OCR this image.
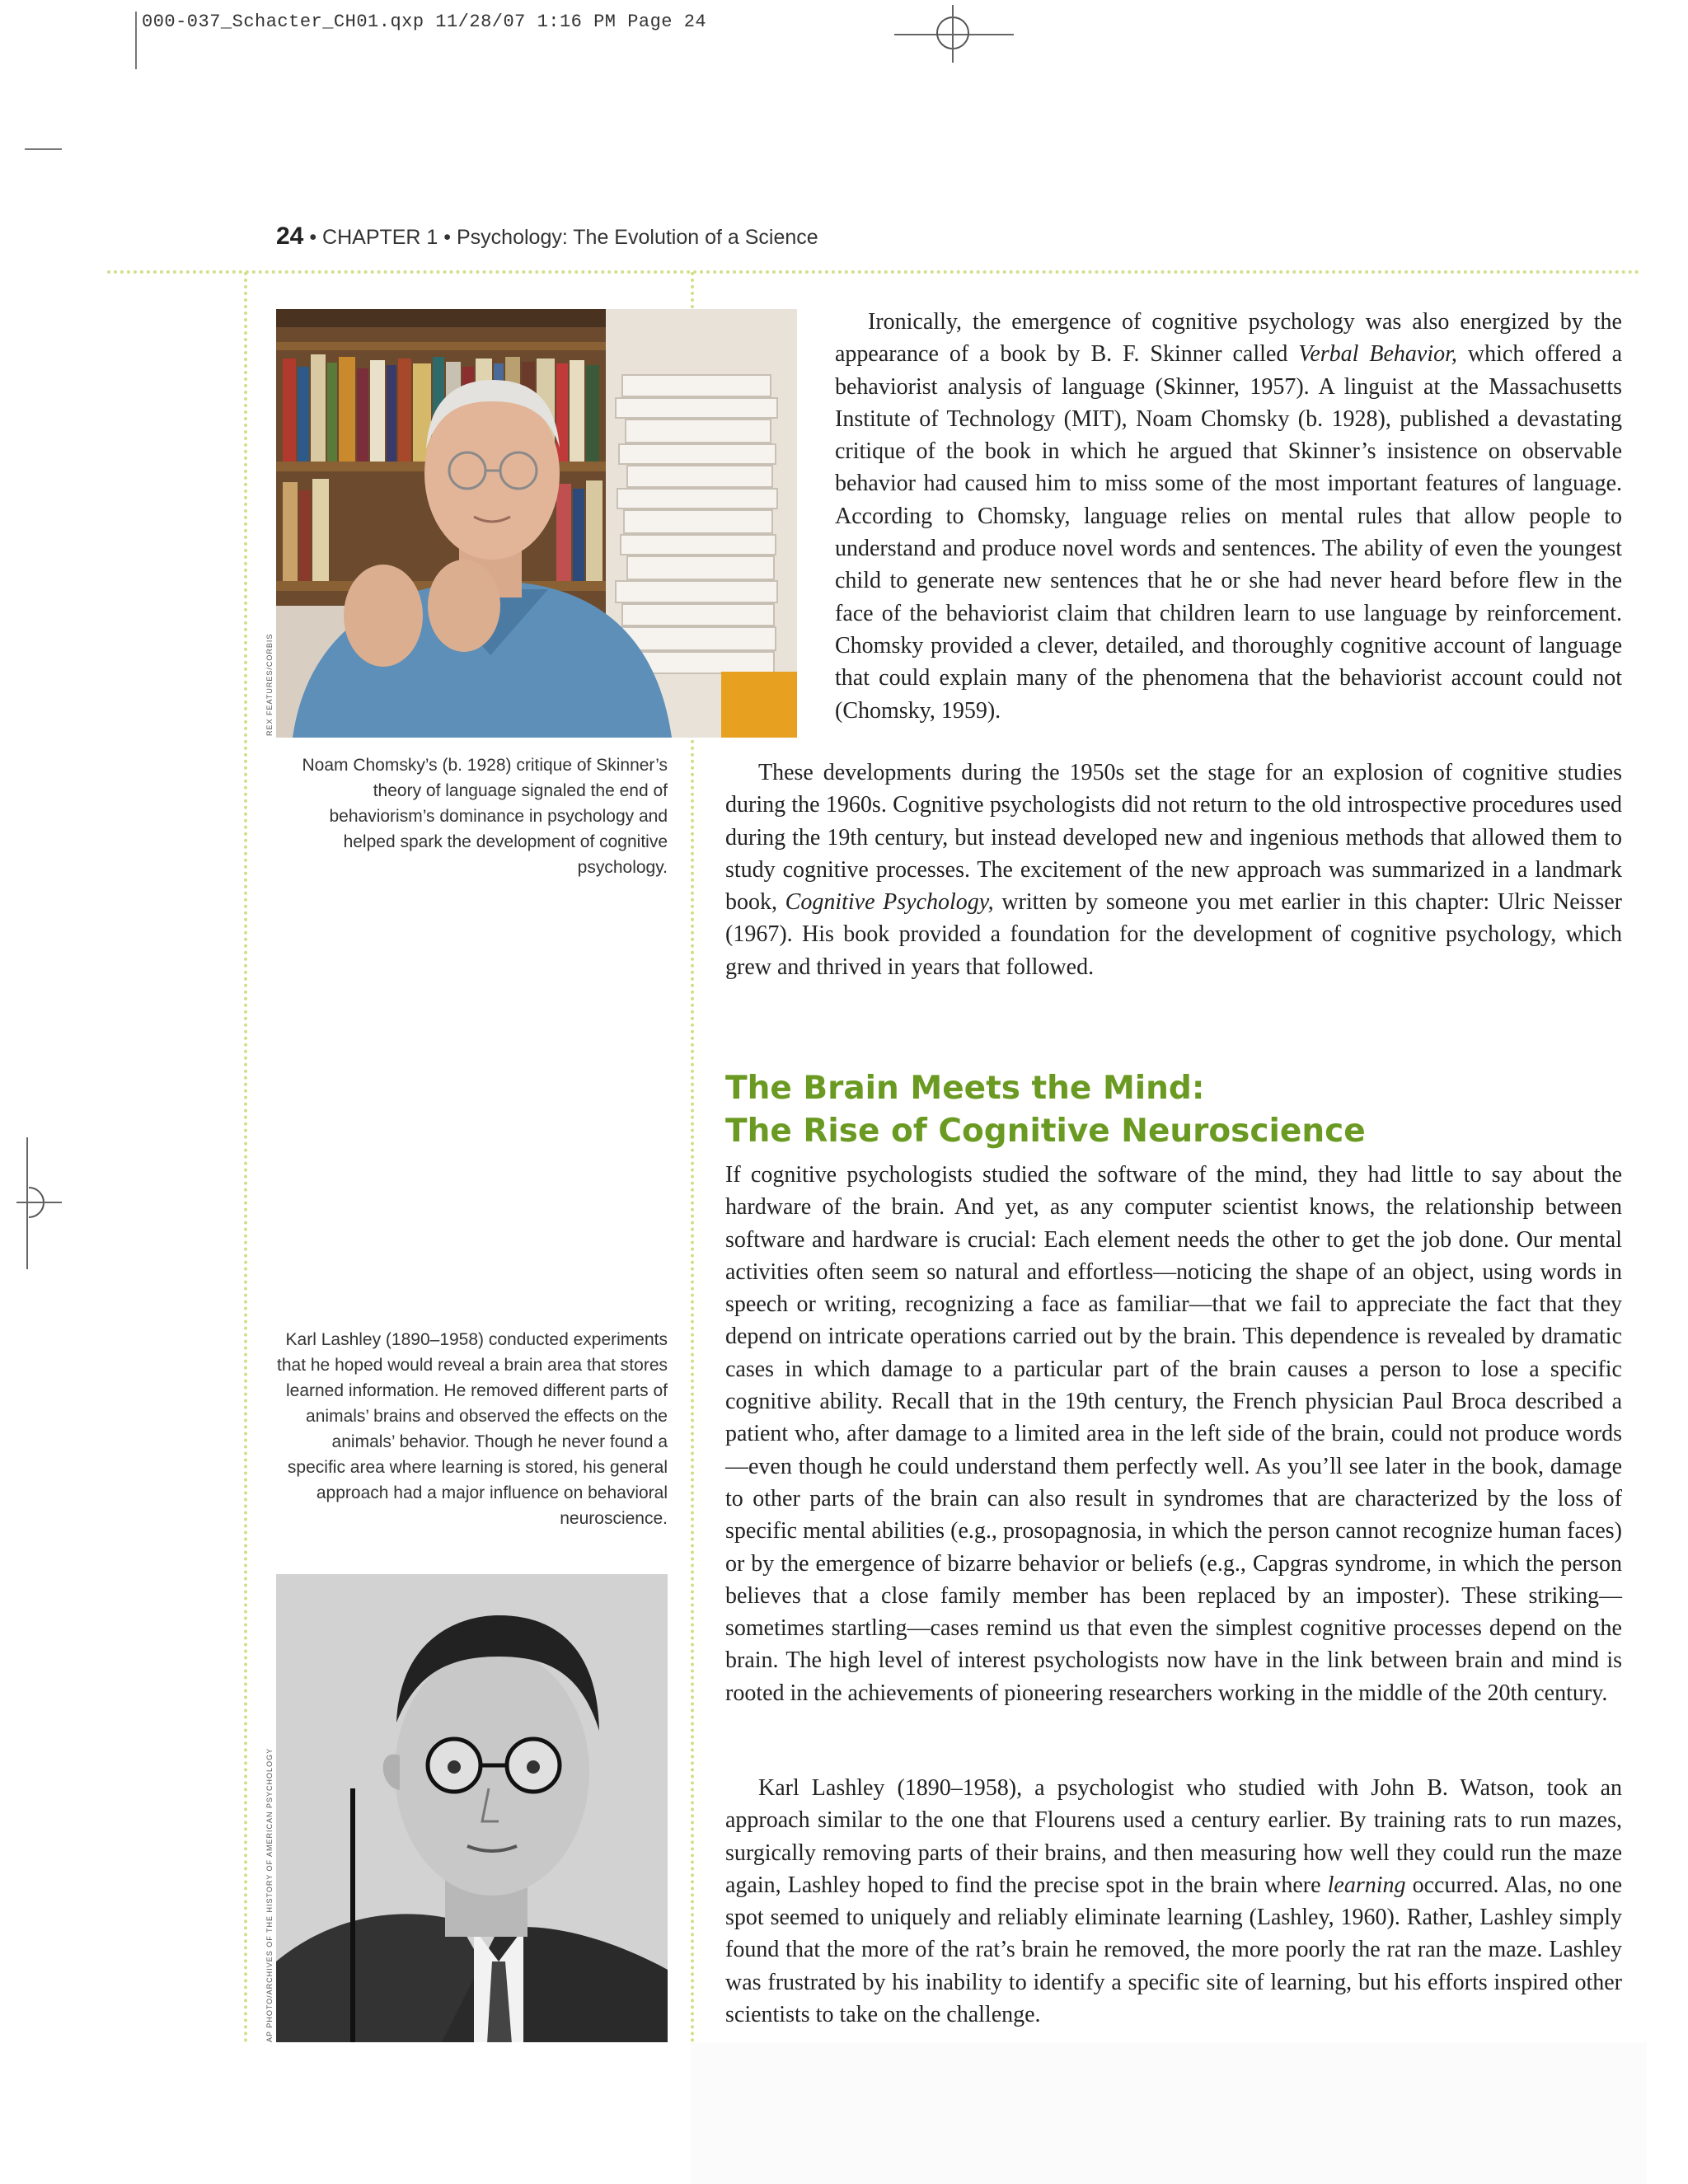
000-037_Schacter_CH01.qxp 11/28/07 1:16 PM Page 24
24 • CHAPTER 1 • Psychology: The Evolution of a Science
REX FEATURES/CORBIS
Noam Chomsky’s (b. 1928) critique of Skinner’s theory of language signaled the end of behaviorism’s dominance in psychology and helped spark the development of cognitive psychology.
Karl Lashley (1890–1958) conducted experiments that he hoped would reveal a brain area that stores learned information. He removed different parts of animals’ brains and observed the effects on the animals’ behavior. Though he never found a specific area where learning is stored, his general approach had a major influence on behavioral neuroscience.
AP PHOTO/ARCHIVES OF THE HISTORY OF AMERICAN PSYCHOLOGY

Ironically, the emergence of cognitive psychology was also energized by the appearance of a book by B. F. Skinner called Verbal Behavior, which offered a behaviorist analysis of language (Skinner, 1957). A linguist at the Massachusetts Institute of Technology (MIT), Noam Chomsky (b. 1928), published a devastating critique of the book in which he argued that Skinner’s insistence on observable behavior had caused him to miss some of the most important features of language. According to Chomsky, language relies on mental rules that allow people to understand and produce novel words and sentences. The ability of even the youngest child to generate new sentences that he or she had never heard before flew in the face of the behaviorist claim that children learn to use language by reinforcement. Chomsky provided a clever, detailed, and thoroughly cognitive account of language that could explain many of the phenomena that the behaviorist account could not (Chomsky, 1959).

These developments during the 1950s set the stage for an explosion of cognitive studies during the 1960s. Cognitive psychologists did not return to the old introspective procedures used during the 19th century, but instead developed new and ingenious methods that allowed them to study cognitive processes. The excitement of the new approach was summarized in a landmark book, Cognitive Psychology, written by someone you met earlier in this chapter: Ulric Neisser (1967). His book provided a foundation for the development of cognitive psychology, which grew and thrived in years that followed.

The Brain Meets the Mind:
The Rise of Cognitive Neuroscience

If cognitive psychologists studied the software of the mind, they had little to say about the hardware of the brain. And yet, as any computer scientist knows, the relationship between software and hardware is crucial: Each element needs the other to get the job done. Our mental activities often seem so natural and effortless—noticing the shape of an object, using words in speech or writing, recognizing a face as familiar—that we fail to appreciate the fact that they depend on intricate operations carried out by the brain. This dependence is revealed by dramatic cases in which damage to a particular part of the brain causes a person to lose a specific cognitive ability. Recall that in the 19th century, the French physician Paul Broca described a patient who, after damage to a limited area in the left side of the brain, could not produce words—even though he could understand them perfectly well. As you’ll see later in the book, damage to other parts of the brain can also result in syndromes that are characterized by the loss of specific mental abilities (e.g., prosopagnosia, in which the person cannot recognize human faces) or by the emergence of bizarre behavior or beliefs (e.g., Capgras syndrome, in which the person believes that a close family member has been replaced by an imposter). These striking—sometimes startling—cases remind us that even the simplest cognitive processes depend on the brain. The high level of interest psychologists now have in the link between brain and mind is rooted in the achievements of pioneering researchers working in the middle of the 20th century.

Karl Lashley (1890–1958), a psychologist who studied with John B. Watson, took an approach similar to the one that Flourens used a century earlier. By training rats to run mazes, surgically removing parts of their brains, and then measuring how well they could run the maze again, Lashley hoped to find the precise spot in the brain where learning occurred. Alas, no one spot seemed to uniquely and reliably eliminate learning (Lashley, 1960). Rather, Lashley simply found that the more of the rat’s brain he removed, the more poorly the rat ran the maze. Lashley was frustrated by his inability to identify a specific site of learning, but his efforts inspired other scientists to take on the challenge.
